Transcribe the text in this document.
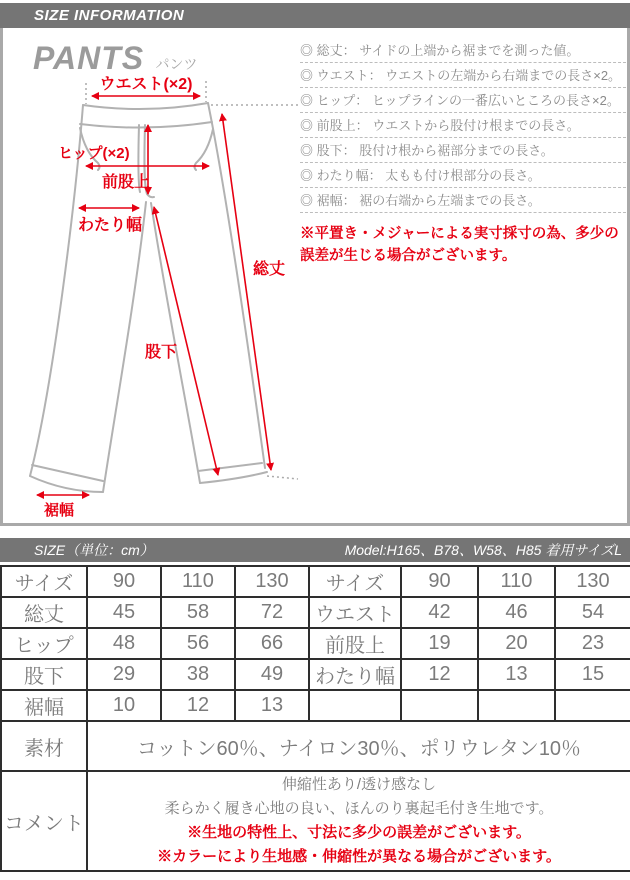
SIZE INFORMATION
PANTS パンツ
◎ 総丈： サイドの上端から裾までを測った値。
◎ ウエスト： ウエストの左端から右端までの長さ×2。
◎ ヒップ： ヒップラインの一番広いところの長さ×2。
◎ 前股上： ウエストから股付け根までの長さ。
◎ 股下： 股付け根から裾部分までの長さ。
◎ わたり幅： 太もも付け根部分の長さ。
◎ 裾幅： 裾の右端から左端までの長さ。
※平置き・メジャーによる実寸採寸の為、多少の誤差が生じる場合がございます。
ウエスト(×2)
ヒップ(×2)
前股上
わたり幅
総丈
股下
裾幅
SIZE（単位：cm）	Model:H165、B78、W58、H85 着用サイズL
サイズ	90	110	130	サイズ	90	110	130
総丈	45	58	72	ウエスト	42	46	54
ヒップ	48	56	66	前股上	19	20	23
股下	29	38	49	わたり幅	12	13	15
裾幅	10	12	13				
素材	コットン60％、ナイロン30％、ポリウレタン10％						
コメント	伸縮性あり/透け感なし
柔らかく履き心地の良い、ほんのり裏起毛付き生地です。
※生地の特性上、寸法に多少の誤差がございます。
※カラーにより生地感・伸縮性が異なる場合がございます。						
